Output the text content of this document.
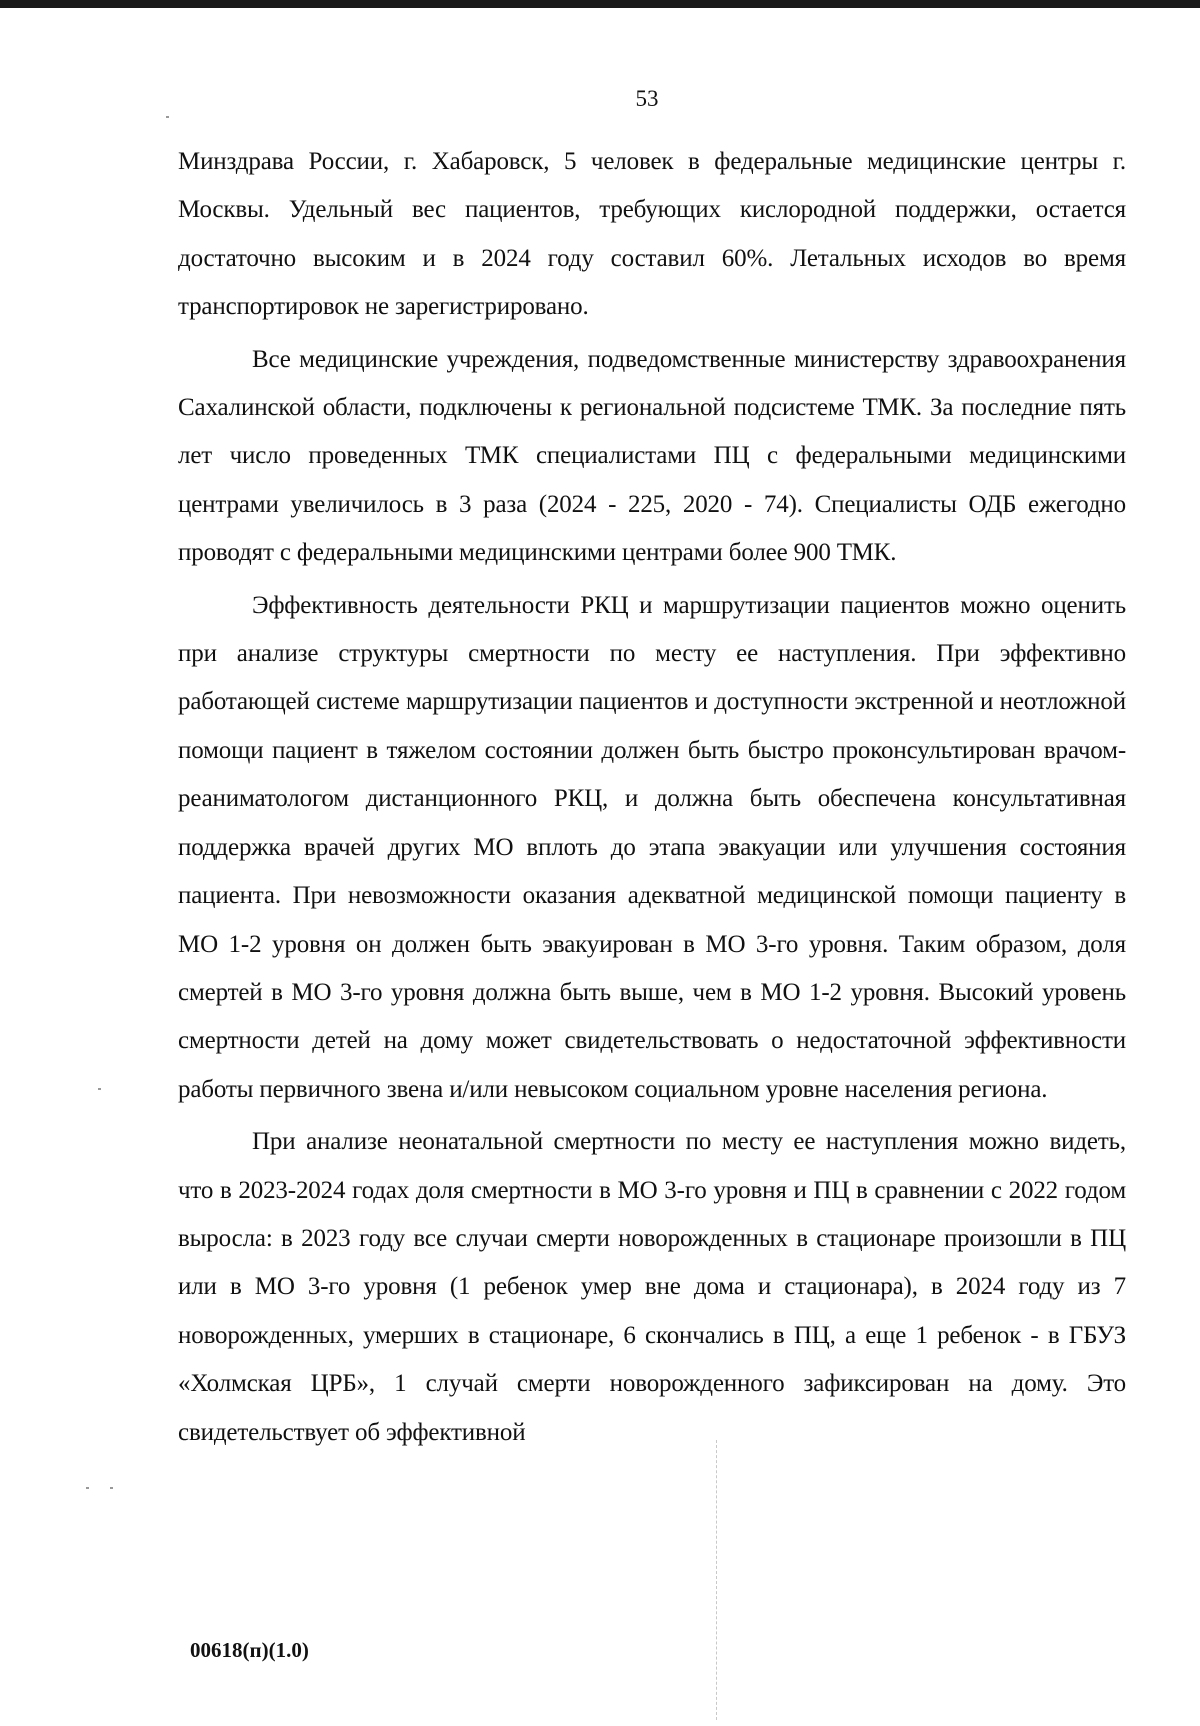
53

Минздрава России, г. Хабаровск, 5 человек в федеральные медицинские центры г. Москвы. Удельный вес пациентов, требующих кислородной поддержки, остается достаточно высоким и в 2024 году составил 60%. Летальных исходов во время транспортировок не зарегистрировано.

Все медицинские учреждения, подведомственные министерству здравоохранения Сахалинской области, подключены к региональной подсистеме ТМК. За последние пять лет число проведенных ТМК специалистами ПЦ с федеральными медицинскими центрами увеличилось в 3 раза (2024 - 225, 2020 - 74). Специалисты ОДБ ежегодно проводят с федеральными медицинскими центрами более 900 ТМК.

Эффективность деятельности РКЦ и маршрутизации пациентов можно оценить при анализе структуры смертности по месту ее наступления. При эффективно работающей системе маршрутизации пациентов и доступности экстренной и неотложной помощи пациент в тяжелом состоянии должен быть быстро проконсультирован врачом-реаниматологом дистанционного РКЦ, и должна быть обеспечена консультативная поддержка врачей других МО вплоть до этапа эвакуации или улучшения состояния пациента. При невозможности оказания адекватной медицинской помощи пациенту в МО 1-2 уровня он должен быть эвакуирован в МО 3-го уровня. Таким образом, доля смертей в МО 3-го уровня должна быть выше, чем в МО 1-2 уровня. Высокий уровень смертности детей на дому может свидетельствовать о недостаточной эффективности работы первичного звена и/или невысоком социальном уровне населения региона.

При анализе неонатальной смертности по месту ее наступления можно видеть, что в 2023-2024 годах доля смертности в МО 3-го уровня и ПЦ в сравнении с 2022 годом выросла: в 2023 году все случаи смерти новорожденных в стационаре произошли в ПЦ или в МО 3-го уровня (1 ребенок умер вне дома и стационара), в 2024 году из 7 новорожденных, умерших в стационаре, 6 скончались в ПЦ, а еще 1 ребенок - в ГБУЗ «Холмская ЦРБ», 1 случай смерти новорожденного зафиксирован на дому. Это свидетельствует об эффективной

00618(п)(1.0)
